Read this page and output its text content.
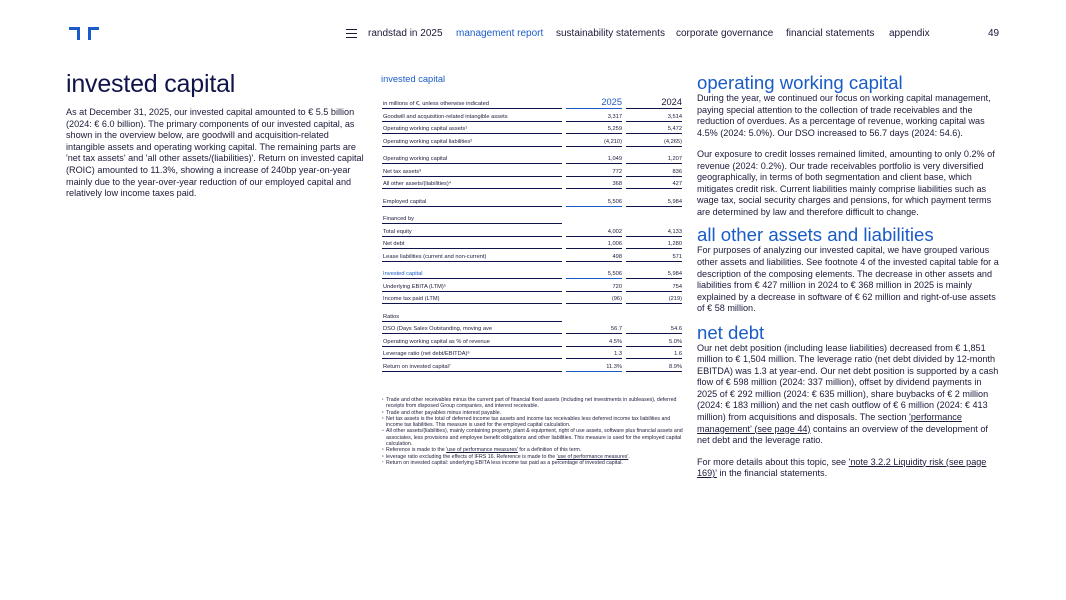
randstad in 2025 management report sustainability statements corporate governance financial statements appendix	49
invested capital

As at December 31, 2025, our invested capital amounted to € 5.5 billion (2024: € 6.0 billion). The primary components of our invested capital, as shown in the overview below, are goodwill and acquisition-related intangible assets and operating working capital. The remaining parts are 'net tax assets' and 'all other assets/(liabilities)'. Return on invested capital (ROIC) amounted to 11.3%, showing a increase of 240bp year-on-year mainly due to the year-over-year reduction of our employed capital and relatively low income taxes paid.

invested capital
in millions of €, unless otherwise indicated	2025	2024
Goodwill and acquisition-related intangible assets	3,317	3,514
Operating working capital assets¹	5,259	5,472
Operating working capital liabilities²	(4,210)	(4,265)
Operating working capital	1,049	1,207
Net tax assets³	772	836
All other assets/(liabilities)⁴	368	427
Employed capital	5,506	5,984
Financed by
Total equity	4,002	4,133
Net debt	1,006	1,280
Lease liabilities (current and non-current)	498	571
Invested capital	5,506	5,984
Underlying EBITA (LTM)⁵	720	754
Income tax paid (LTM)	(96)	(219)
Ratios
DSO (Days Sales Outstanding, moving ave	56.7	54.6
Operating working capital as % of revenue	4.5%	5.0%
Leverage ratio (net debt/EBITDA)⁶	1.3	1.6
Return on invested capital⁷	11.3%	8.9%
¹ Trade and other receivables minus the current part of financial fixed assets (including net investments in subleases), deferred receipts from disposed Group companies, and interest receivable.
² Trade and other payables minus interest payable.
³ Net tax assets is the total of deferred income tax assets and income tax receivables less deferred income tax liabilities and income tax liabilities. This measure is used for the employed capital calculation.
⁴ All other assets/(liabilities), mainly containing property, plant & equipment, right of use assets, software plus financial assets and associates, less provisions and employee benefit obligations and other liabilities. This measure is used for the employed capital calculation.
⁵ Reference is made to the 'use of performance measures' for a definition of this term.
⁶ leverage ratio excluding the effects of IFRS 16. Reference is made to the 'use of performance measures'.
⁷ Return on invested capital: underlying EBITA less income tax paid as a percentage of invested capital.
operating working capital

During the year, we continued our focus on working capital management, paying special attention to the collection of trade receivables and the reduction of overdues. As a percentage of revenue, working capital was 4.5% (2024: 5.0%). Our DSO increased to 56.7 days (2024: 54.6).

Our exposure to credit losses remained limited, amounting to only 0.2% of revenue (2024: 0.2%). Our trade receivables portfolio is very diversified geographically, in terms of both segmentation and client base, which mitigates credit risk. Current liabilities mainly comprise liabilities such as wage tax, social security charges and pensions, for which payment terms are determined by law and therefore difficult to change.

all other assets and liabilities

For purposes of analyzing our invested capital, we have grouped various other assets and liabilities. See footnote 4 of the invested capital table for a description of the composing elements. The decrease in other assets and liabilities from € 427 million in 2024 to € 368 million in 2025 is mainly explained by a decrease in software of € 62 million and right-of-use assets of € 58 million.

net debt

Our net debt position (including lease liabilities) decreased from € 1,851 million to € 1,504 million. The leverage ratio (net debt divided by 12-month EBITDA) was 1.3 at year-end. Our net debt position is supported by a cash flow of € 598 million (2024: 337 million), offset by dividend payments in 2025 of € 292 million (2024: € 635 million), share buybacks of € 2 million (2024: € 183 million) and the net cash outflow of € 6 million (2024: € 413 million) from acquisitions and disposals. The section 'performance management' (see page 44) contains an overview of the development of net debt and the leverage ratio.

For more details about this topic, see 'note 3.2.2 Liquidity risk (see page 169)' in the financial statements.
